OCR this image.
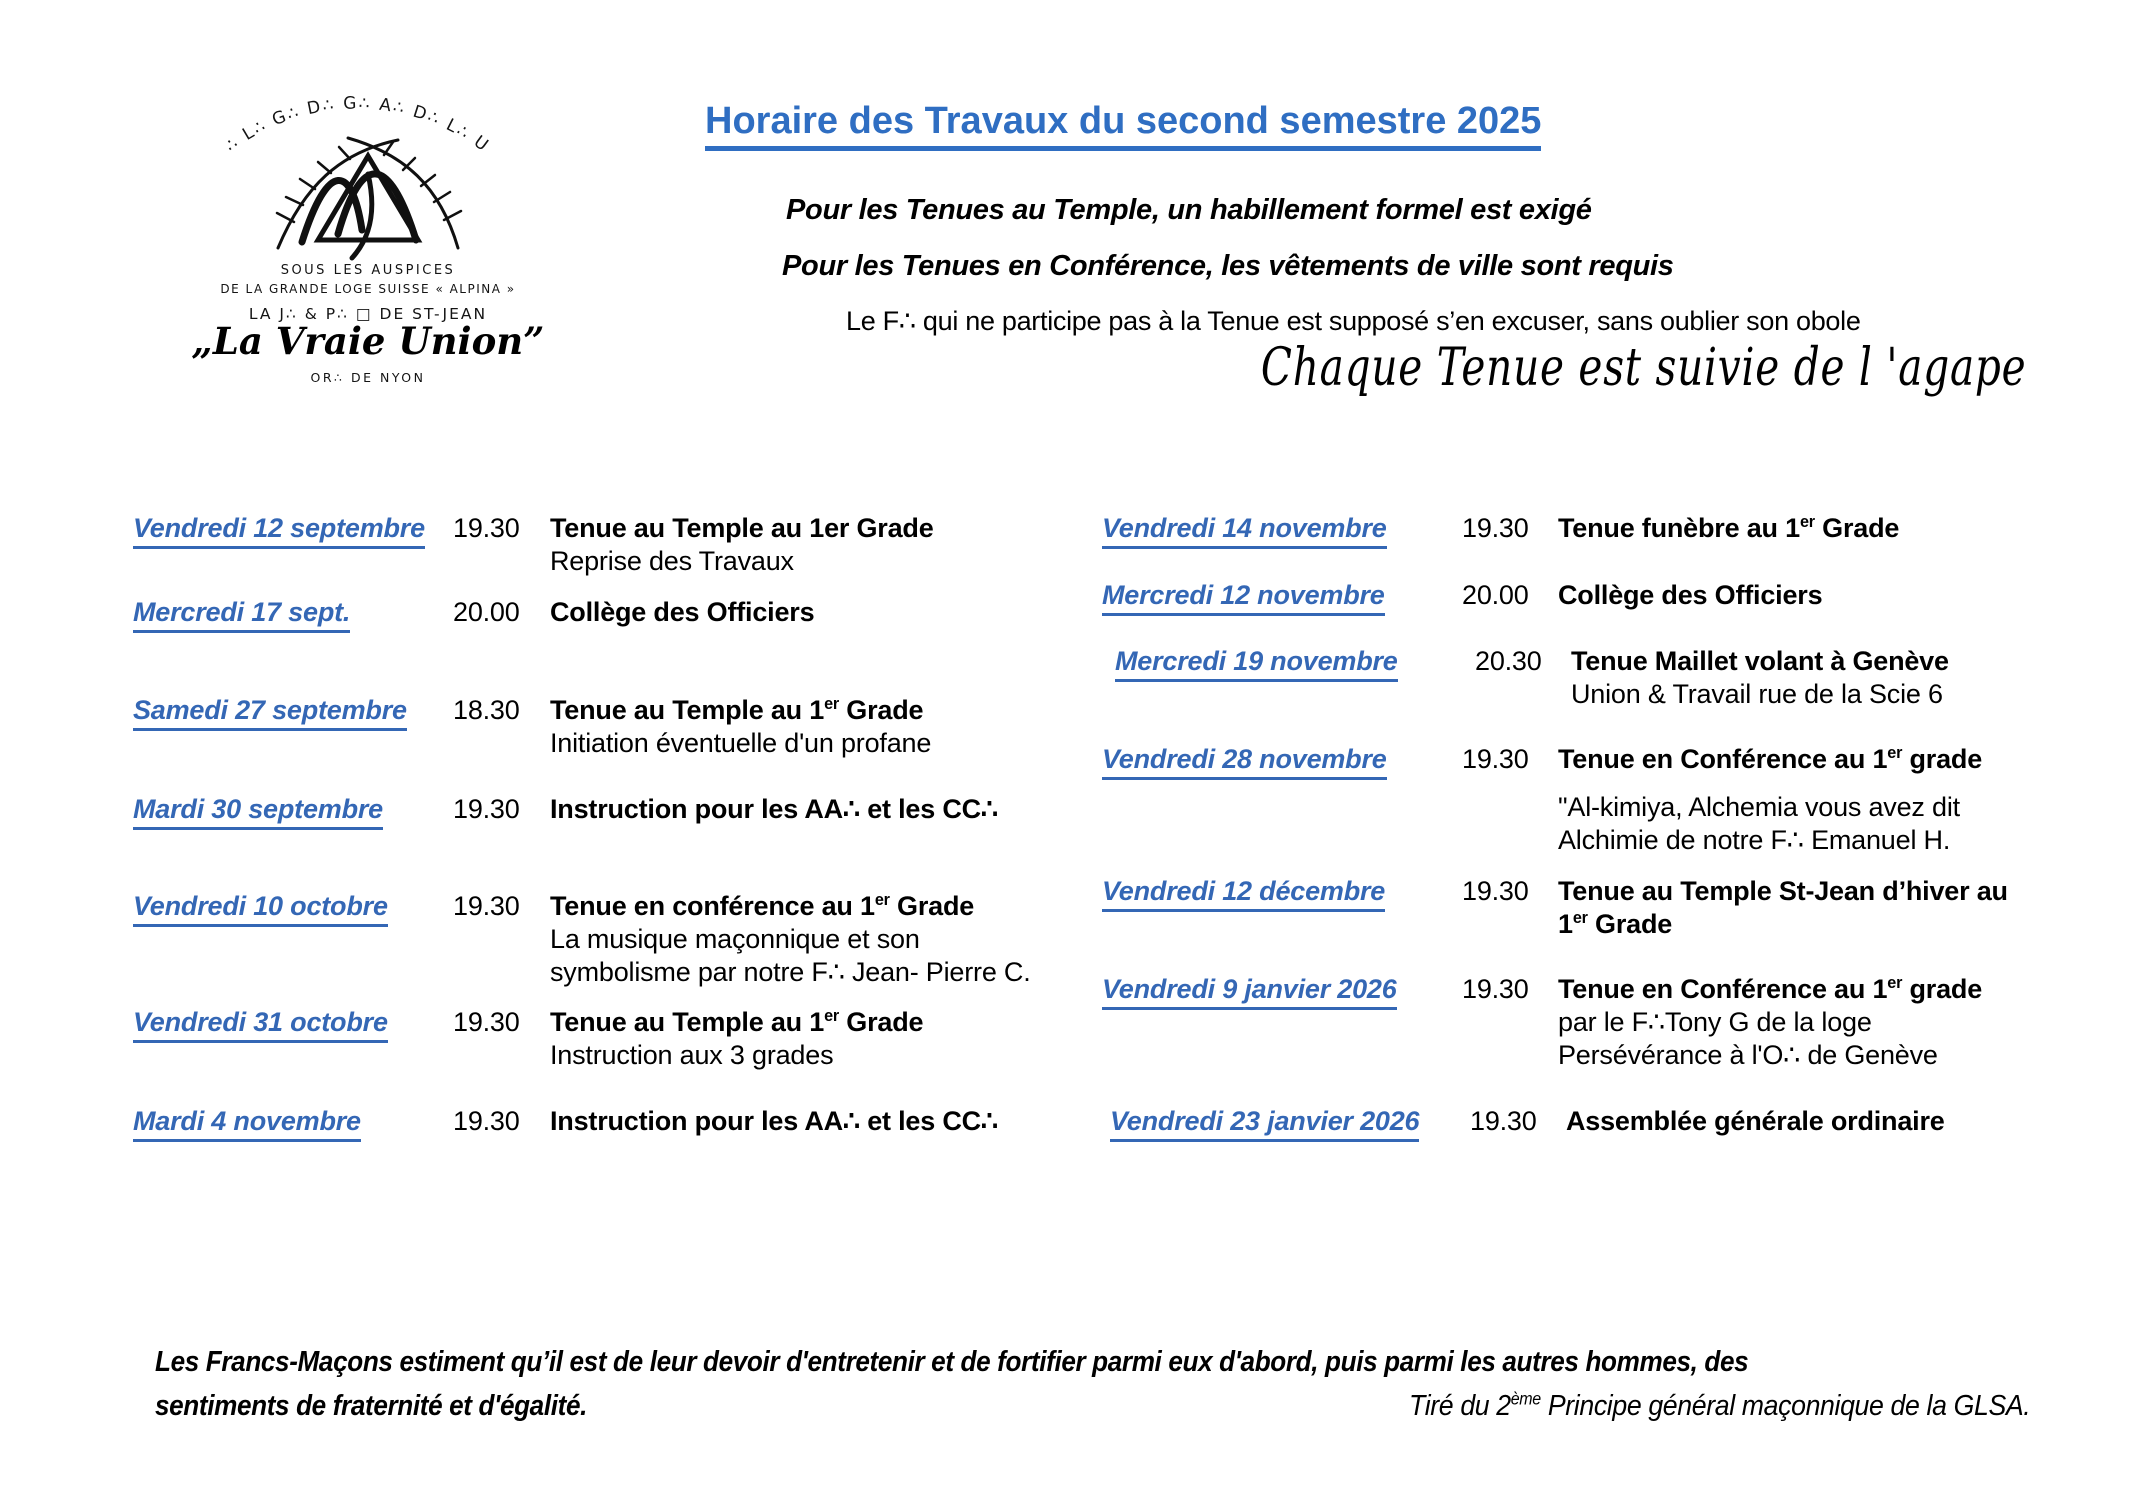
A∴ L∴ G∴ D∴ G∴ A∴ D∴ L∴ U∴
SOUS LES AUSPICES
DE LA GRANDE LOGE SUISSE « ALPINA »
LA J∴ & P∴ □ DE ST-JEAN
„La Vraie Union”
OR∴ DE NYON
Horaire des Travaux du second semestre 2025
Pour les Tenues au Temple, un habillement formel est exigé
Pour les Tenues en Conférence, les vêtements de ville sont requis
Le F∴ qui ne participe pas à la Tenue est supposé s’en excuser, sans oublier son obole
Chaque Tenue est suivie de l 'agape
Vendredi 12 septembre	19.30	Tenue au Temple au 1er Grade
Reprise des Travaux
Mercredi 17 sept.	20.00	Collège des Officiers
Samedi 27 septembre	18.30	Tenue au Temple au 1er Grade
Initiation éventuelle d'un profane
Mardi 30 septembre	19.30	Instruction pour les AA∴ et les CC∴
Vendredi 10 octobre	19.30	Tenue en conférence au 1er Grade
La musique maçonnique et son
symbolisme par notre F∴ Jean- Pierre C.
Vendredi 31 octobre	19.30	Tenue au Temple au 1er Grade
Instruction aux 3 grades
Mardi 4 novembre	19.30	Instruction pour les AA∴ et les CC∴
Vendredi 14 novembre	19.30	Tenue funèbre au 1er Grade
Mercredi 12 novembre	20.00	Collège des Officiers
Mercredi 19 novembre	20.30	Tenue Maillet volant à Genève
Union & Travail rue de la Scie 6
Vendredi 28 novembre	19.30	Tenue en Conférence au 1er grade
"Al-kimiya, Alchemia vous avez dit
Alchimie de notre F∴ Emanuel H.
Vendredi 12 décembre	19.30	Tenue au Temple St-Jean d’hiver au 1er Grade
Vendredi 9 janvier 2026	19.30	Tenue en Conférence au 1er grade
par le F∴Tony G de la loge
Persévérance à l'O∴ de Genève
Vendredi 23 janvier 2026	19.30	Assemblée générale ordinaire
Les Francs-Maçons estiment qu’il est de leur devoir d'entretenir et de fortifier parmi eux d'abord, puis parmi les autres hommes, des
sentiments de fraternité et d'égalité.	Tiré du 2ème Principe général maçonnique de la GLSA.
